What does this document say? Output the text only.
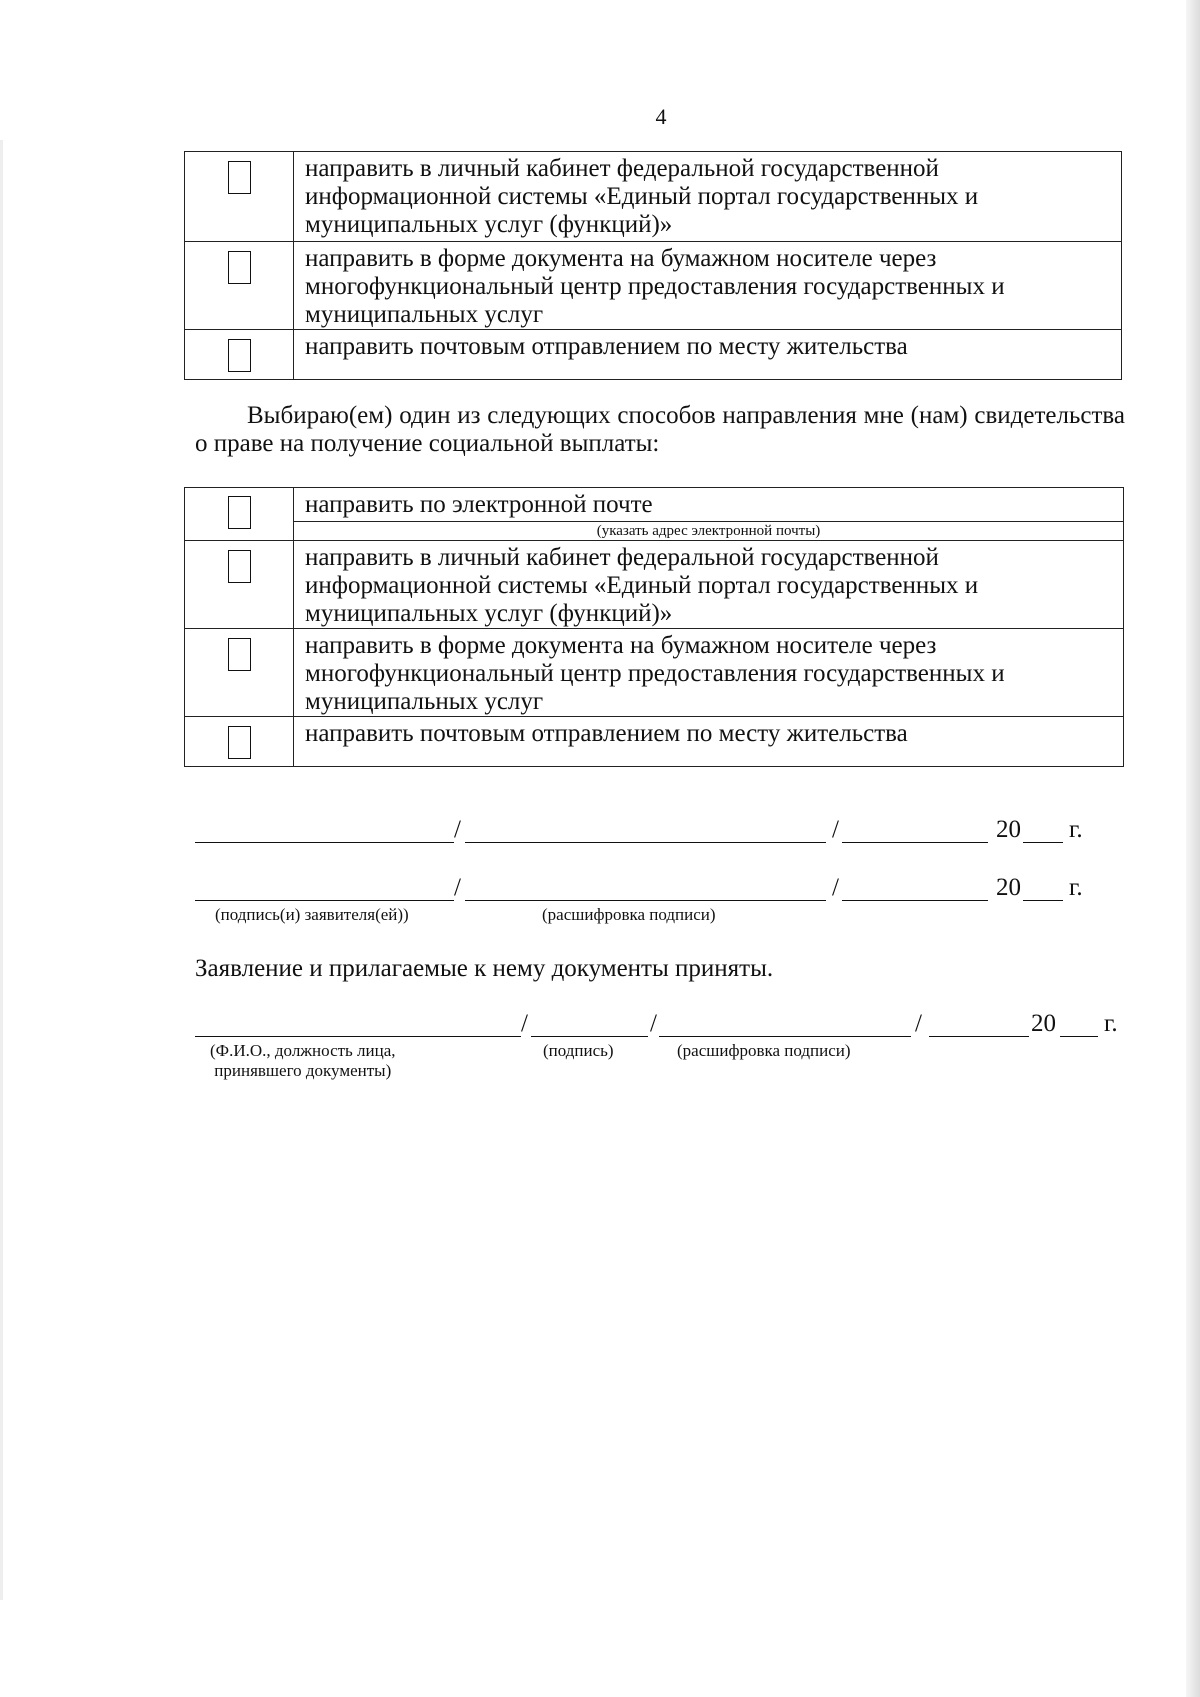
4
	направить в личный кабинет федеральной государственной информационной системы «Единый портал государственных и муниципальных услуг (функций)»
	направить в форме документа на бумажном носителе через многофункциональный центр предоставления государственных и муниципальных услуг
	направить почтовым отправлением по месту жительства

Выбираю(ем) один из следующих способов направления мне (нам) свидетельства о праве на получение социальной выплаты:

	направить по электронной почте
(указать адрес электронной почты)

	направить в личный кабинет федеральной государственной информационной системы «Единый портал государственных и муниципальных услуг (функций)»
	направить в форме документа на бумажном носителе через многофункциональный центр предоставления государственных и муниципальных услуг
	направить почтовым отправлением по месту жительства
/	/	20 г.
/	/	20 г.
(подпись(и) заявителя(ей))	(расшифровка подписи)

Заявление и прилагаемые к нему документы приняты.

/	/	/	20 г.
(Ф.И.О., должность лица,
принявшего документы)
(подпись)	(расшифровка подписи)
